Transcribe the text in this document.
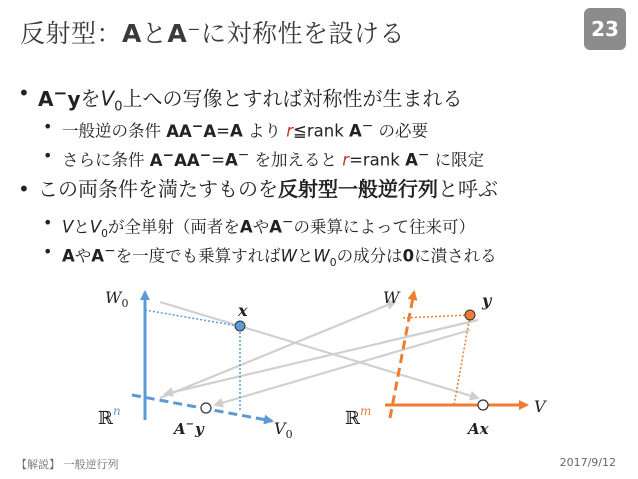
反射型：AとA⁻に対称性を設ける	23
• A−yを$V_0$上への写像とすれば対称性が生まれる
• 一般逆の条件 AA−A=A より r≦rank A− の必要
• さらに条件 A−AA−=A− を加えると r=rank A− に限定
• この両条件を満たすものを反射型一般逆行列と呼ぶ
• Vと$V_0$が全単射（両者をAやA−の乗算によって往来可）
• AやA−を一度でも乗算すればWと$W_0$の成分は0に潰される
$W_0$	x
ℝ$^n$
A−y	$V_0$
W	y
ℝ$^m$
Ax
V
【解説】 一般逆行列	2017/9/12
